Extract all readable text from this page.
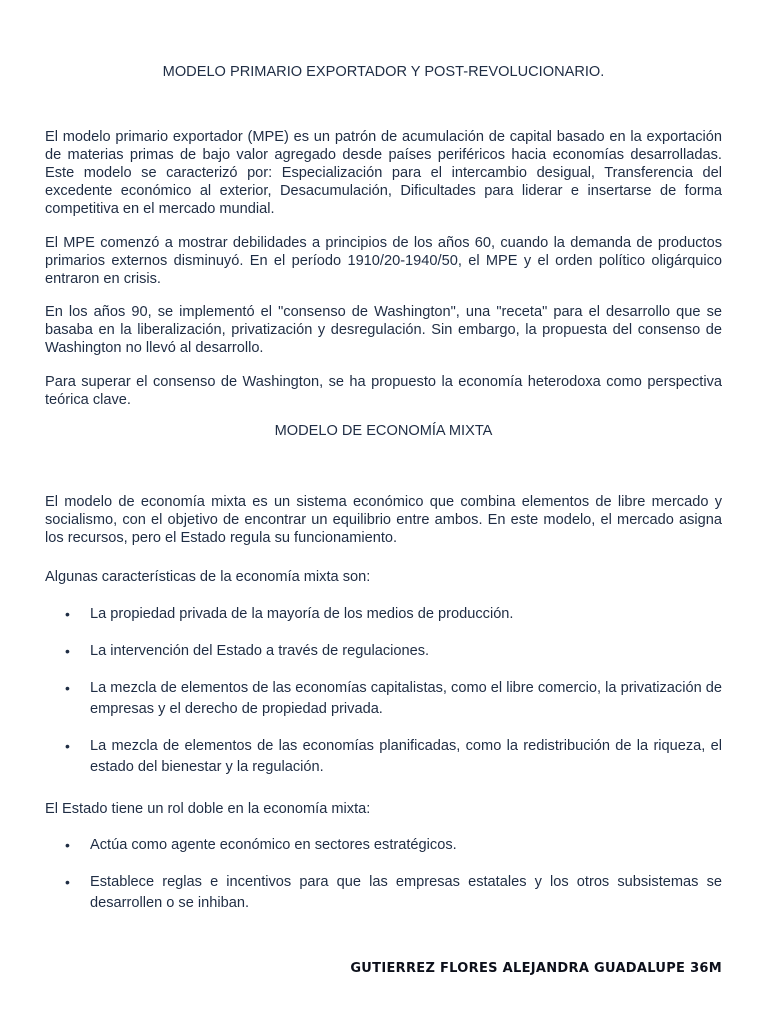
MODELO PRIMARIO EXPORTADOR Y POST-REVOLUCIONARIO.

El modelo primario exportador (MPE) es un patrón de acumulación de capital basado en la exportación de materias primas de bajo valor agregado desde países periféricos hacia economías desarrolladas. Este modelo se caracterizó por: Especialización para el intercambio desigual, Transferencia del excedente económico al exterior, Desacumulación, Dificultades para liderar e insertarse de forma competitiva en el mercado mundial.

El MPE comenzó a mostrar debilidades a principios de los años 60, cuando la demanda de productos primarios externos disminuyó. En el período 1910/20-1940/50, el MPE y el orden político oligárquico entraron en crisis.

En los años 90, se implementó el "consenso de Washington", una "receta" para el desarrollo que se basaba en la liberalización, privatización y desregulación. Sin embargo, la propuesta del consenso de Washington no llevó al desarrollo.

Para superar el consenso de Washington, se ha propuesto la economía heterodoxa como perspectiva teórica clave.

MODELO DE ECONOMÍA MIXTA

El modelo de economía mixta es un sistema económico que combina elementos de libre mercado y socialismo, con el objetivo de encontrar un equilibrio entre ambos. En este modelo, el mercado asigna los recursos, pero el Estado regula su funcionamiento.

Algunas características de la economía mixta son:

• La propiedad privada de la mayoría de los medios de producción.
• La intervención del Estado a través de regulaciones.
• La mezcla de elementos de las economías capitalistas, como el libre comercio, la privatización de empresas y el derecho de propiedad privada.
• La mezcla de elementos de las economías planificadas, como la redistribución de la riqueza, el estado del bienestar y la regulación.

El Estado tiene un rol doble en la economía mixta:

• Actúa como agente económico en sectores estratégicos.
• Establece reglas e incentivos para que las empresas estatales y los otros subsistemas se desarrollen o se inhiban.
GUTIERREZ FLORES ALEJANDRA GUADALUPE 36M
